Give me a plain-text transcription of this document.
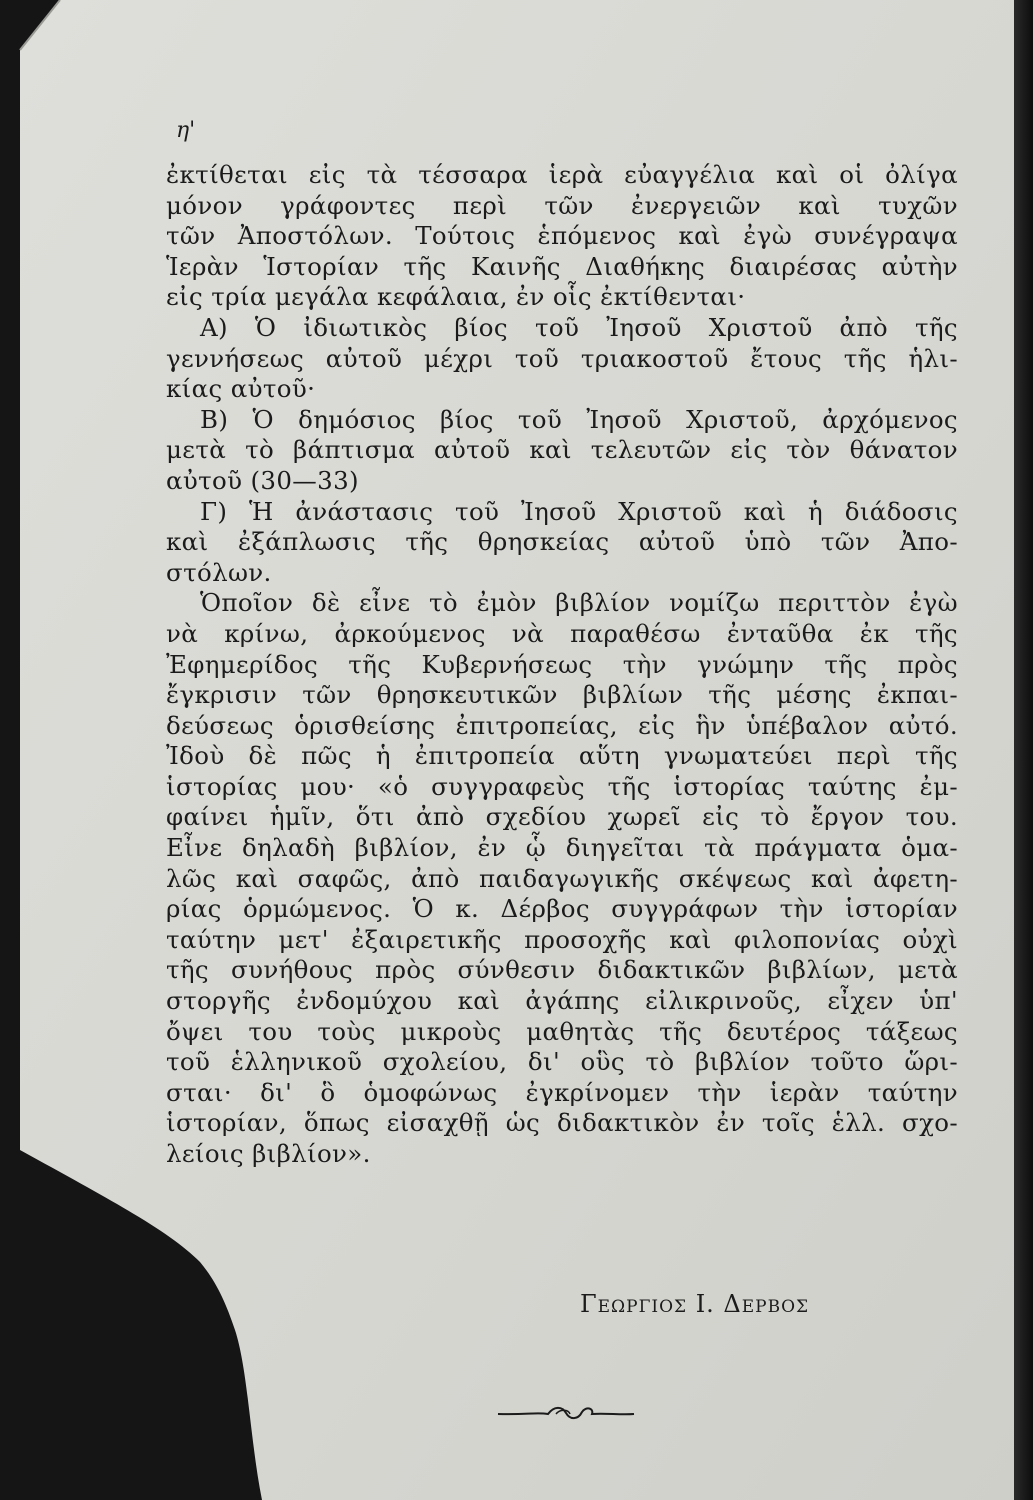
η'
ἐκτίθεται εἰς τὰ τέσσαρα ἱερὰ εὐαγγέλια καὶ οἱ ὀλίγα
μόνον γράφοντες περὶ τῶν ἐνεργειῶν καὶ τυχῶν
τῶν Ἀποστόλων. Τούτοις ἑπόμενος καὶ ἐγὼ συνέγραψα
Ἱερὰν Ἱστορίαν τῆς Καινῆς Διαθήκης διαιρέσας αὐτὴν
εἰς τρία μεγάλα κεφάλαια, ἐν οἷς ἐκτίθενται·
Α) Ὁ ἰδιωτικὸς βίος τοῦ Ἰησοῦ Χριστοῦ ἀπὸ τῆς
γεννήσεως αὐτοῦ μέχρι τοῦ τριακοστοῦ ἔτους τῆς ἡλι-
κίας αὐτοῦ·
Β) Ὁ δημόσιος βίος τοῦ Ἰησοῦ Χριστοῦ, ἀρχόμενος
μετὰ τὸ βάπτισμα αὐτοῦ καὶ τελευτῶν εἰς τὸν θάνατον
αὐτοῦ (30—33)
Γ) Ἡ ἀνάστασις τοῦ Ἰησοῦ Χριστοῦ καὶ ἡ διάδοσις
καὶ ἐξάπλωσις τῆς θρησκείας αὐτοῦ ὑπὸ τῶν Ἀπο-
στόλων.
Ὁποῖον δὲ εἶνε τὸ ἐμὸν βιβλίον νομίζω περιττὸν ἐγὼ
νὰ κρίνω, ἀρκούμενος νὰ παραθέσω ἐνταῦθα ἐκ τῆς
Ἐφημερίδος τῆς Κυβερνήσεως τὴν γνώμην τῆς πρὸς
ἔγκρισιν τῶν θρησκευτικῶν βιβλίων τῆς μέσης ἐκπαι-
δεύσεως ὁρισθείσης ἐπιτροπείας, εἰς ἣν ὑπέβαλον αὐτό.
Ἰδοὺ δὲ πῶς ἡ ἐπιτροπεία αὕτη γνωματεύει περὶ τῆς
ἱστορίας μου· «ὁ συγγραφεὺς τῆς ἱστορίας ταύτης ἐμ-
φαίνει ἡμῖν, ὅτι ἀπὸ σχεδίου χωρεῖ εἰς τὸ ἔργον του.
Εἶνε δηλαδὴ βιβλίον, ἐν ᾧ διηγεῖται τὰ πράγματα ὁμα-
λῶς καὶ σαφῶς, ἀπὸ παιδαγωγικῆς σκέψεως καὶ ἀφετη-
ρίας ὁρμώμενος. Ὁ κ. Δέρβος συγγράφων τὴν ἱστορίαν
ταύτην μετ' ἐξαιρετικῆς προσοχῆς καὶ φιλοπονίας οὐχὶ
τῆς συνήθους πρὸς σύνθεσιν διδακτικῶν βιβλίων, μετὰ
στοργῆς ἐνδομύχου καὶ ἀγάπης εἰλικρινοῦς, εἶχεν ὑπ'
ὄψει του τοὺς μικροὺς μαθητὰς τῆς δευτέρος τάξεως
τοῦ ἑλληνικοῦ σχολείου, δι' οὓς τὸ βιβλίον τοῦτο ὥρι-
σται· δι' ὃ ὁμοφώνως ἐγκρίνομεν τὴν ἱερὰν ταύτην
ἱστορίαν, ὅπως εἰσαχθῇ ὡς διδακτικὸν ἐν τοῖς ἑλλ. σχο-
λείοις βιβλίον».
Γεωργιος Ι. Δερβος
